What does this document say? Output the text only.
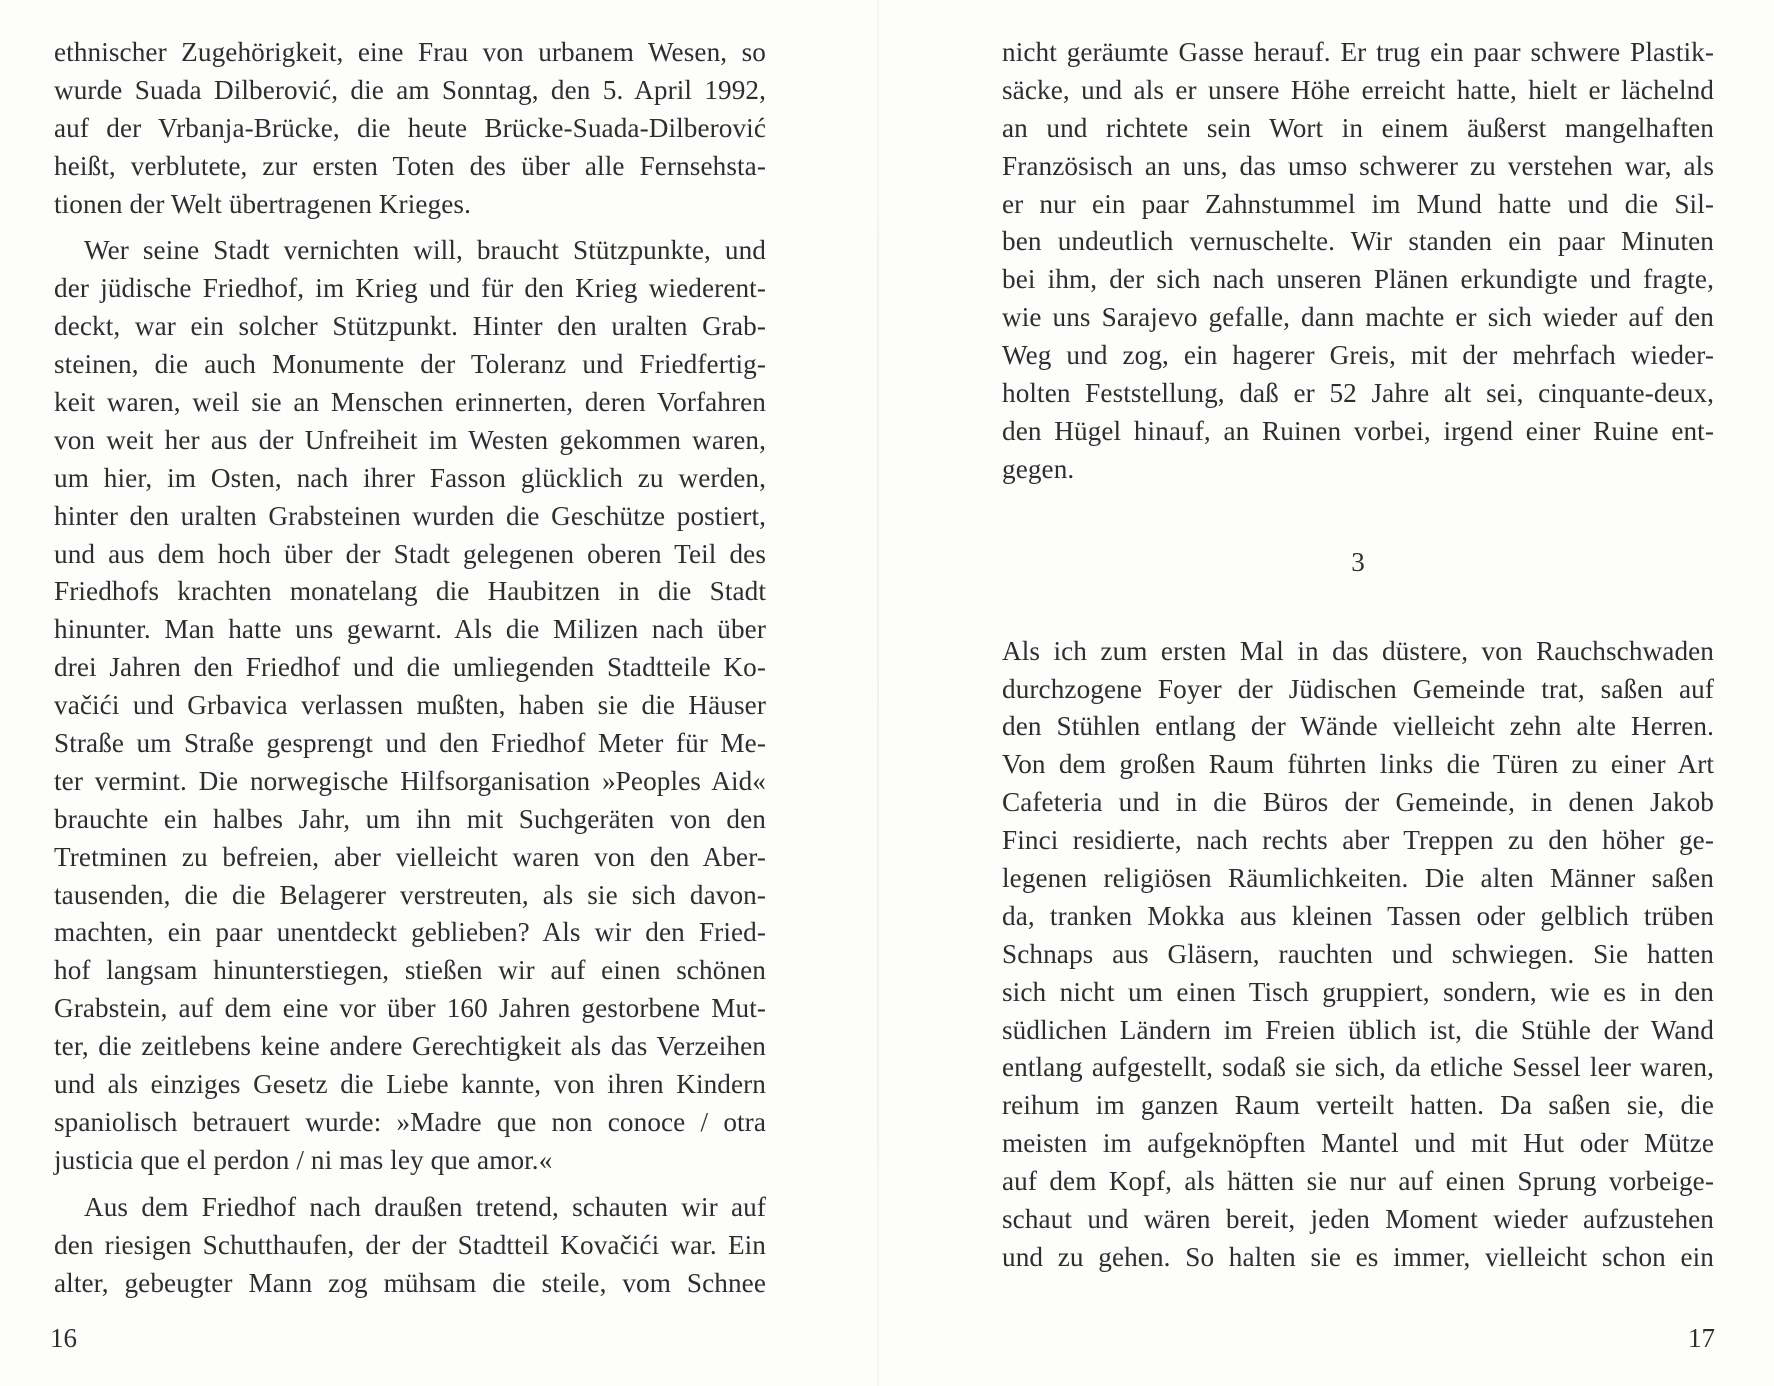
ethnischer Zugehörigkeit, eine Frau von urbanem Wesen, so
wurde Suada Dilberović, die am Sonntag, den 5. April 1992,
auf der Vrbanja-Brücke, die heute Brücke-Suada-Dilberović
heißt, verblutete, zur ersten Toten des über alle Fernsehsta-
tionen der Welt übertragenen Krieges.
Wer seine Stadt vernichten will, braucht Stützpunkte, und
der jüdische Friedhof, im Krieg und für den Krieg wiederent-
deckt, war ein solcher Stützpunkt. Hinter den uralten Grab-
steinen, die auch Monumente der Toleranz und Friedfertig-
keit waren, weil sie an Menschen erinnerten, deren Vorfahren
von weit her aus der Unfreiheit im Westen gekommen waren,
um hier, im Osten, nach ihrer Fasson glücklich zu werden,
hinter den uralten Grabsteinen wurden die Geschütze postiert,
und aus dem hoch über der Stadt gelegenen oberen Teil des
Friedhofs krachten monatelang die Haubitzen in die Stadt
hinunter. Man hatte uns gewarnt. Als die Milizen nach über
drei Jahren den Friedhof und die umliegenden Stadtteile Ko-
vačići und Grbavica verlassen mußten, haben sie die Häuser
Straße um Straße gesprengt und den Friedhof Meter für Me-
ter vermint. Die norwegische Hilfsorganisation »Peoples Aid«
brauchte ein halbes Jahr, um ihn mit Suchgeräten von den
Tretminen zu befreien, aber vielleicht waren von den Aber-
tausenden, die die Belagerer verstreuten, als sie sich davon-
machten, ein paar unentdeckt geblieben? Als wir den Fried-
hof langsam hinunterstiegen, stießen wir auf einen schönen
Grabstein, auf dem eine vor über 160 Jahren gestorbene Mut-
ter, die zeitlebens keine andere Gerechtigkeit als das Verzeihen
und als einziges Gesetz die Liebe kannte, von ihren Kindern
spaniolisch betrauert wurde: »Madre que non conoce / otra
justicia que el perdon / ni mas ley que amor.«
Aus dem Friedhof nach draußen tretend, schauten wir auf
den riesigen Schutthaufen, der der Stadtteil Kovačići war. Ein
alter, gebeugter Mann zog mühsam die steile, vom Schnee
16
nicht geräumte Gasse herauf. Er trug ein paar schwere Plastik-
säcke, und als er unsere Höhe erreicht hatte, hielt er lächelnd
an und richtete sein Wort in einem äußerst mangelhaften
Französisch an uns, das umso schwerer zu verstehen war, als
er nur ein paar Zahnstummel im Mund hatte und die Sil-
ben undeutlich vernuschelte. Wir standen ein paar Minuten
bei ihm, der sich nach unseren Plänen erkundigte und fragte,
wie uns Sarajevo gefalle, dann machte er sich wieder auf den
Weg und zog, ein hagerer Greis, mit der mehrfach wieder-
holten Feststellung, daß er 52 Jahre alt sei, cinquante-deux,
den Hügel hinauf, an Ruinen vorbei, irgend einer Ruine ent-
gegen.
3
Als ich zum ersten Mal in das düstere, von Rauchschwaden
durchzogene Foyer der Jüdischen Gemeinde trat, saßen auf
den Stühlen entlang der Wände vielleicht zehn alte Herren.
Von dem großen Raum führten links die Türen zu einer Art
Cafeteria und in die Büros der Gemeinde, in denen Jakob
Finci residierte, nach rechts aber Treppen zu den höher ge-
legenen religiösen Räumlichkeiten. Die alten Männer saßen
da, tranken Mokka aus kleinen Tassen oder gelblich trüben
Schnaps aus Gläsern, rauchten und schwiegen. Sie hatten
sich nicht um einen Tisch gruppiert, sondern, wie es in den
südlichen Ländern im Freien üblich ist, die Stühle der Wand
entlang aufgestellt, sodaß sie sich, da etliche Sessel leer waren,
reihum im ganzen Raum verteilt hatten. Da saßen sie, die
meisten im aufgeknöpften Mantel und mit Hut oder Mütze
auf dem Kopf, als hätten sie nur auf einen Sprung vorbeige-
schaut und wären bereit, jeden Moment wieder aufzustehen
und zu gehen. So halten sie es immer, vielleicht schon ein
17
